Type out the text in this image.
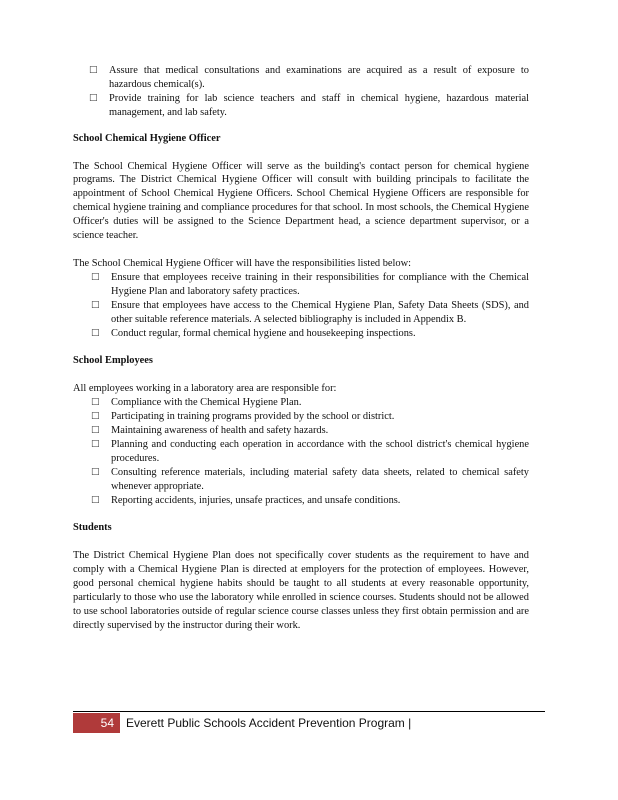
□ Assure that medical consultations and examinations are acquired as a result of exposure to hazardous chemical(s).
□ Provide training for lab science teachers and staff in chemical hygiene, hazardous material management, and lab safety.
School Chemical Hygiene Officer

The School Chemical Hygiene Officer will serve as the building's contact person for chemical hygiene programs. The District Chemical Hygiene Officer will consult with building principals to facilitate the appointment of School Chemical Hygiene Officers. School Chemical Hygiene Officers are responsible for chemical hygiene training and compliance procedures for that school. In most schools, the Chemical Hygiene Officer's duties will be assigned to the Science Department head, a science department supervisor, or a science teacher.

The School Chemical Hygiene Officer will have the responsibilities listed below:

□ Ensure that employees receive training in their responsibilities for compliance with the Chemical Hygiene Plan and laboratory safety practices.
□ Ensure that employees have access to the Chemical Hygiene Plan, Safety Data Sheets (SDS), and other suitable reference materials. A selected bibliography is included in Appendix B.
□ Conduct regular, formal chemical hygiene and housekeeping inspections.
School Employees

All employees working in a laboratory area are responsible for:

□ Compliance with the Chemical Hygiene Plan.
□ Participating in training programs provided by the school or district.
□ Maintaining awareness of health and safety hazards.
□ Planning and conducting each operation in accordance with the school district's chemical hygiene procedures.
□ Consulting reference materials, including material safety data sheets, related to chemical safety whenever appropriate.
□ Reporting accidents, injuries, unsafe practices, and unsafe conditions.
Students

The District Chemical Hygiene Plan does not specifically cover students as the requirement to have and comply with a Chemical Hygiene Plan is directed at employers for the protection of employees. However, good personal chemical hygiene habits should be taught to all students at every reasonable opportunity, particularly to those who use the laboratory while enrolled in science courses. Students should not be allowed to use school laboratories outside of regular science course classes unless they first obtain permission and are directly supervised by the instructor during their work.

54	Everett Public Schools Accident Prevention Program |
